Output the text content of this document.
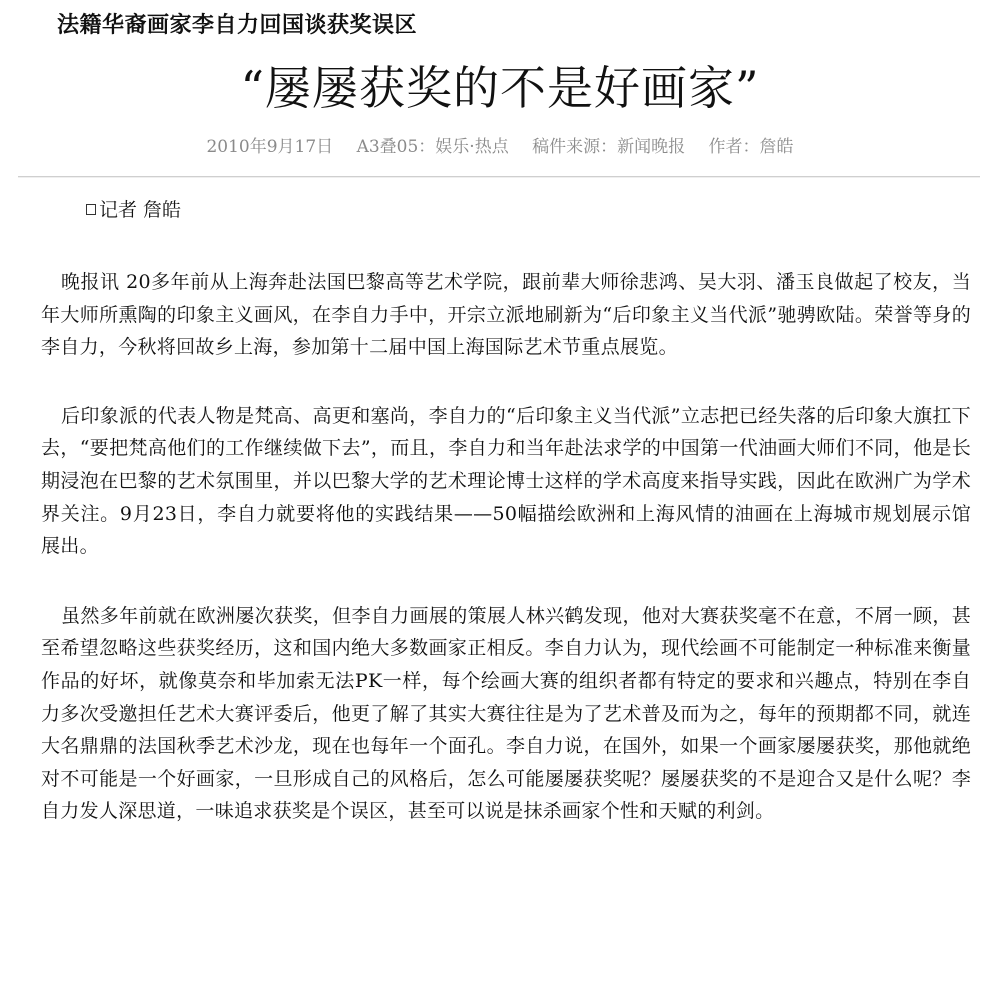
法籍华裔画家李自力回国谈获奖误区
“屡屡获奖的不是好画家”
2010年9月17日 A3叠05：娱乐·热点 稿件来源：新闻晚报 作者：詹皓
记者 詹皓

晚报讯 20多年前从上海奔赴法国巴黎高等艺术学院，跟前辈大师徐悲鸿、吴大羽、潘玉良做起了校友，当年大师所熏陶的印象主义画风，在李自力手中，开宗立派地刷新为“后印象主义当代派”驰骋欧陆。荣誉等身的李自力，今秋将回故乡上海，参加第十二届中国上海国际艺术节重点展览。

后印象派的代表人物是梵高、高更和塞尚，李自力的“后印象主义当代派”立志把已经失落的后印象大旗扛下去，“要把梵高他们的工作继续做下去”，而且，李自力和当年赴法求学的中国第一代油画大师们不同，他是长期浸泡在巴黎的艺术氛围里，并以巴黎大学的艺术理论博士这样的学术高度来指导实践，因此在欧洲广为学术界关注。9月23日，李自力就要将他的实践结果——50幅描绘欧洲和上海风情的油画在上海城市规划展示馆展出。

虽然多年前就在欧洲屡次获奖，但李自力画展的策展人林兴鹤发现，他对大赛获奖毫不在意，不屑一顾，甚至希望忽略这些获奖经历，这和国内绝大多数画家正相反。李自力认为，现代绘画不可能制定一种标准来衡量作品的好坏，就像莫奈和毕加索无法PK一样，每个绘画大赛的组织者都有特定的要求和兴趣点，特别在李自力多次受邀担任艺术大赛评委后，他更了解了其实大赛往往是为了艺术普及而为之，每年的预期都不同，就连大名鼎鼎的法国秋季艺术沙龙，现在也每年一个面孔。李自力说，在国外，如果一个画家屡屡获奖，那他就绝对不可能是一个好画家，一旦形成自己的风格后，怎么可能屡屡获奖呢？屡屡获奖的不是迎合又是什么呢？李自力发人深思道，一味追求获奖是个误区，甚至可以说是抹杀画家个性和天赋的利剑。
